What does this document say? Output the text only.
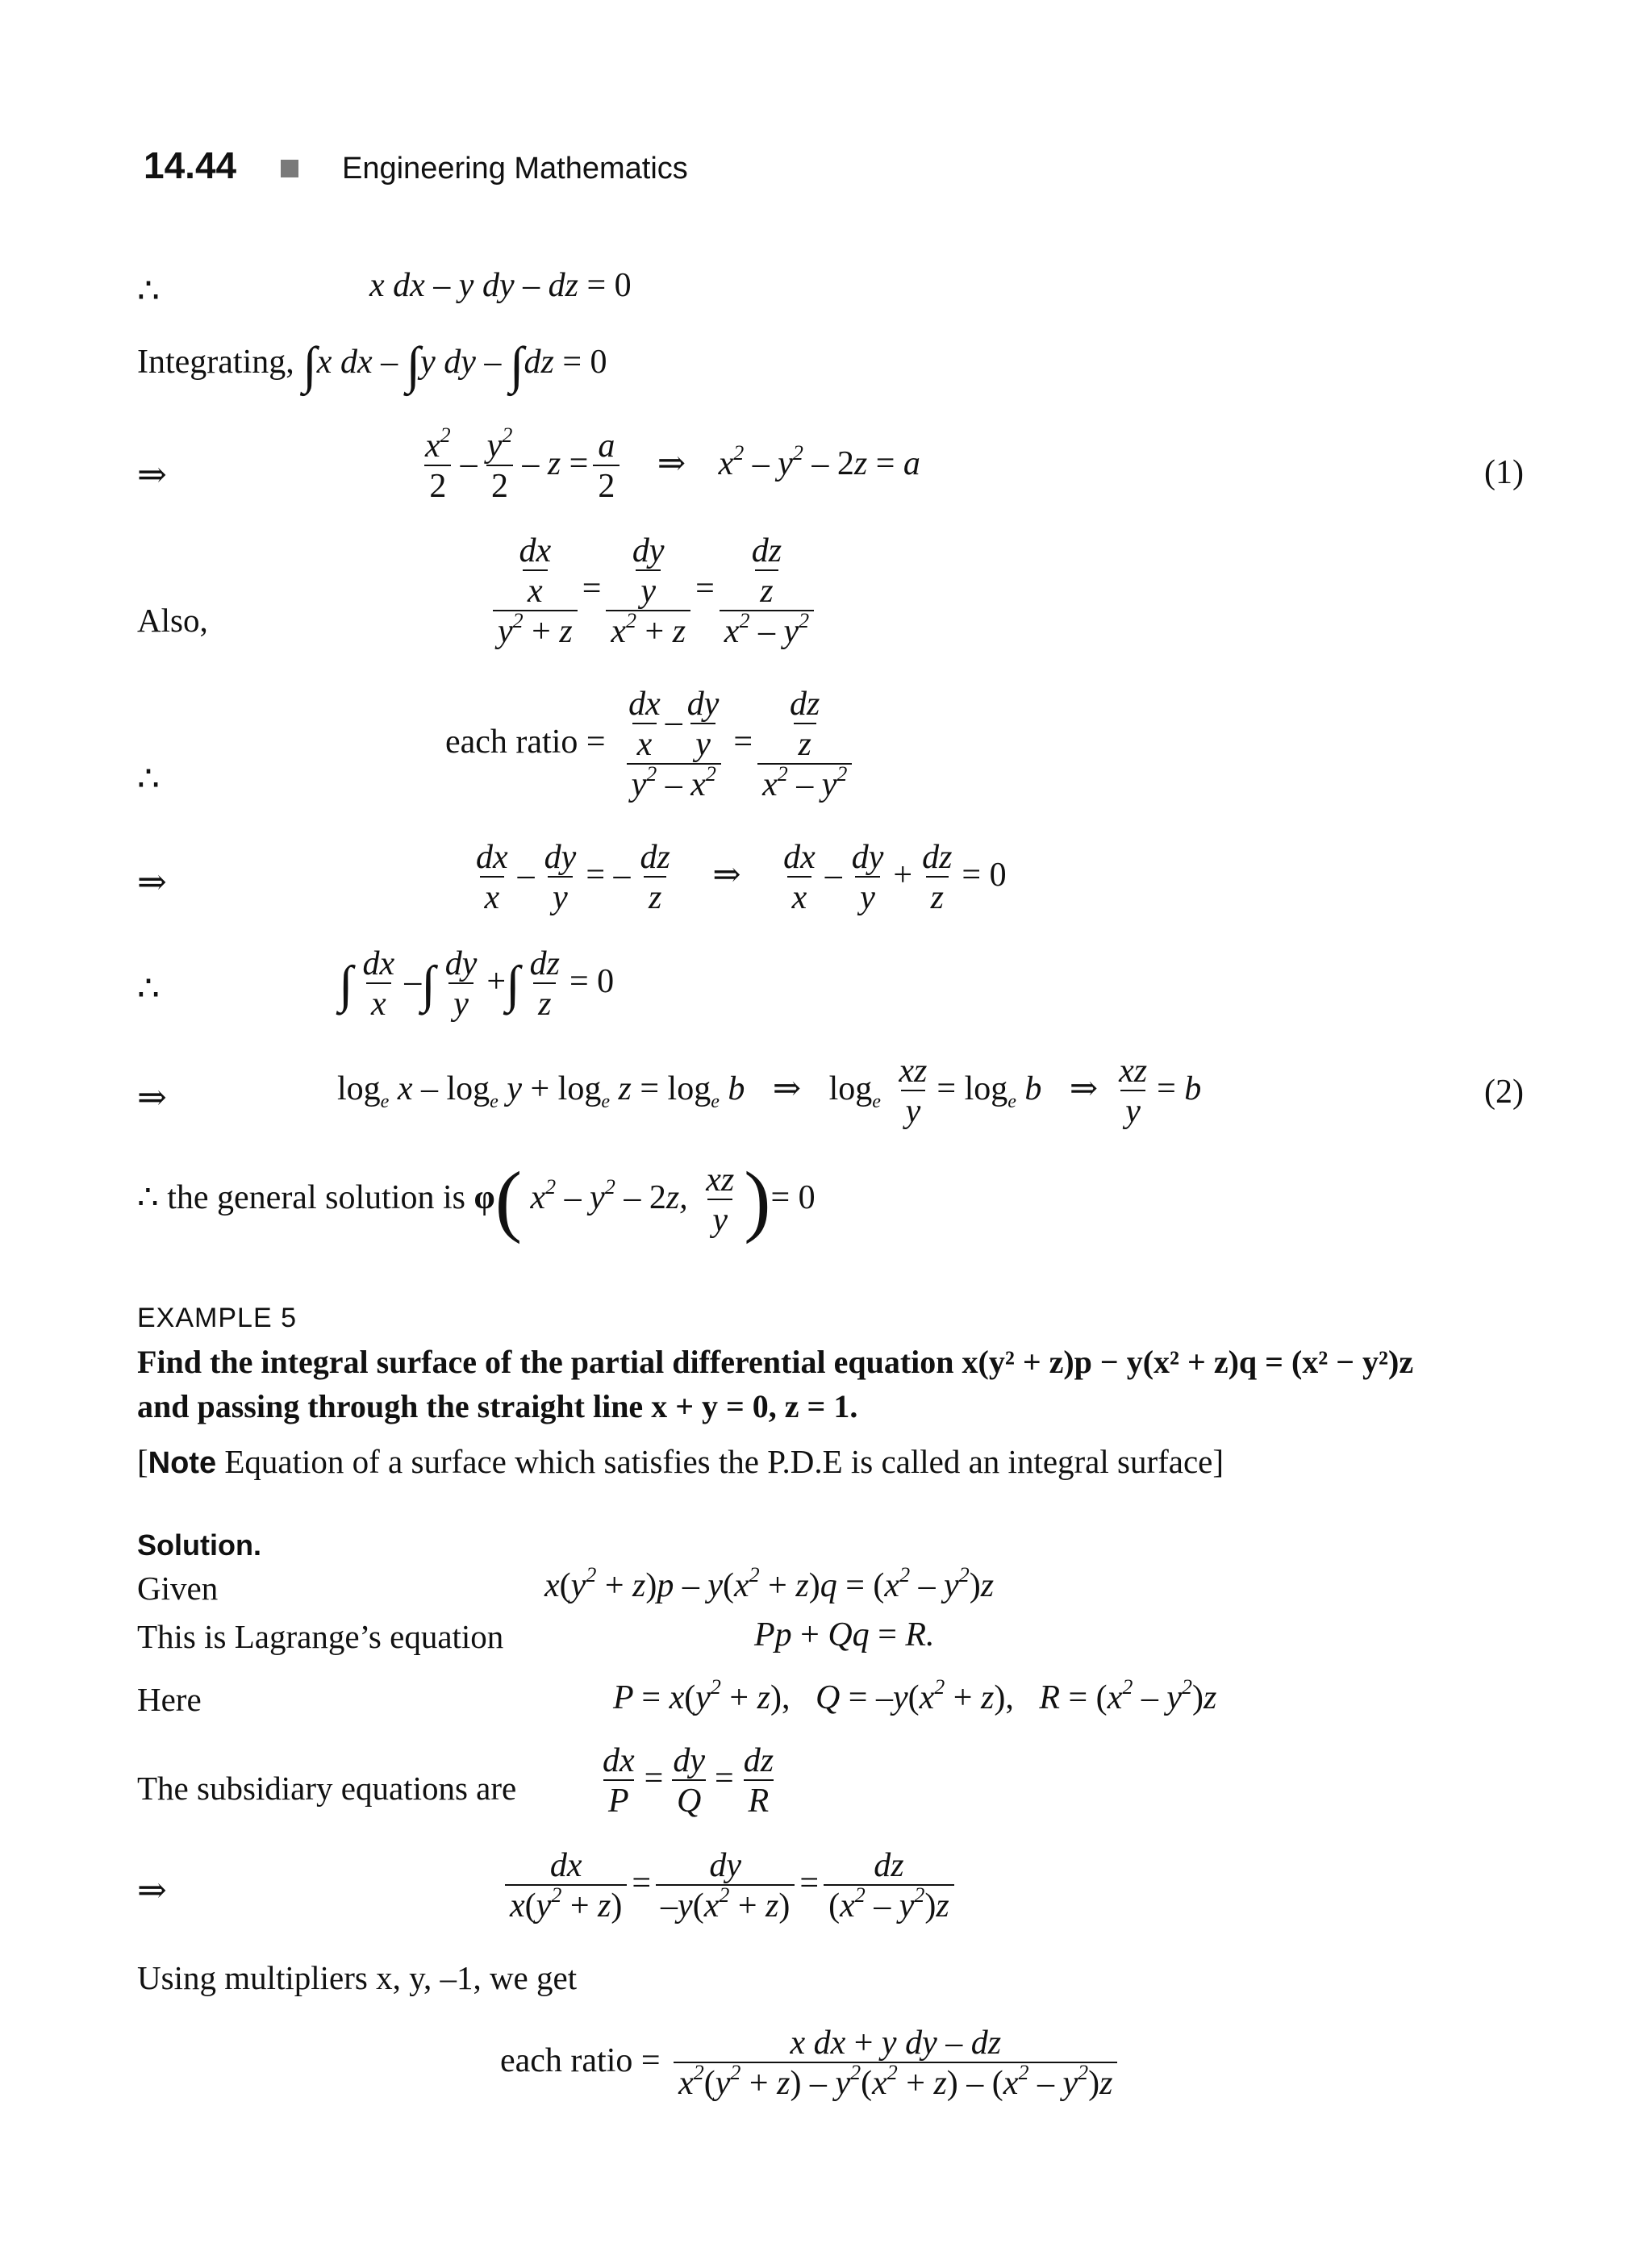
14.44	Engineering Mathematics
∴	x dx – y dy – dz = 0
Integrating, ∫x dx – ∫y dy – ∫dz = 0
⇒	$\frac{x^2}{2} - \frac{y^2}{2} - z = \frac{a}{2}$ ⇒ $x^2 - y^2 - 2z = a$	(1)
Also,	$\frac{\frac{dx}{x}}{y^2 + z} = \frac{\frac{dy}{y}}{x^2 + z} = \frac{\frac{dz}{z}}{x^2 - y^2}$
∴
each ratio = $\frac{\frac{dx}{x} - \frac{dy}{y}}{y^2 - x^2} = \frac{\frac{dz}{z}}{x^2 - y^2}$
⇒	$\frac{dx}{x} - \frac{dy}{y}$ = – $\frac{dz}{z}$ ⇒ $\frac{dx}{x} - \frac{dy}{y} + \frac{dz}{z} = 0$
∴	∫ $\frac{dx}{x}$ –∫ $\frac{dy}{y}$ +∫ $\frac{dz}{z} = 0$
⇒	$\log_e x - \log_e y + \log_e z = \log_e b$ ⇒ $\log_e \frac{xz}{y} = \log_e b$ ⇒ $\frac{xz}{y} = b$	(2)
∴ the general solution is φ( $x^2 - y^2 - 2z$, $\frac{xz}{y}$ )= 0
EXAMPLE 5
Find the integral surface of the partial differential equation x(y² + z)p − y(x² + z)q = (x² − y²)z
and passing through the straight line x + y = 0, z = 1.
[Note Equation of a surface which satisfies the P.D.E is called an integral surface]
Solution.
Given	$x(y^2 + z)p - y(x^2 + z)q = (x^2 - y^2)z$
This is Lagrange’s equation	Pp + Qq = R.
Here	$P = x(y^2 + z)$,   $Q = -y(x^2 + z)$,   $R = (x^2 - y^2)z$
The subsidiary equations are $\frac{dx}{P} = \frac{dy}{Q} = \frac{dz}{R}$
⇒	$\frac{dx}{x(y^2 + z)} = \frac{dy}{-y(x^2 + z)} = \frac{dz}{(x^2 - y^2)z}$
Using multipliers x, y, –1, we get
each ratio = $\frac{\text{x dx + y dy – dz}}{x^2(y^2 + z) - y^2(x^2 + z) - (x^2 - y^2)z}$
